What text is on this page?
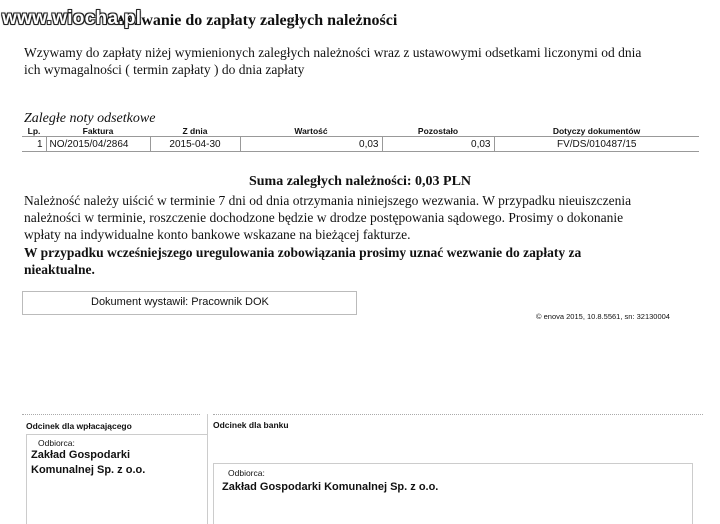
Wezwanie do zapłaty zaległych należności
www.wiocha.pl
Wzywamy do zapłaty niżej wymienionych zaległych należności wraz z ustawowymi odsetkami liczonymi od dnia
ich wymagalności ( termin zapłaty ) do dnia zapłaty
Zaległe noty odsetkowe
Lp.	Faktura	Z dnia	Wartość	Pozostało	Dotyczy dokumentów
1	NO/2015/04/2864	2015-04-30	0,03	0,03	FV/DS/010487/15
Suma zaległych należności: 0,03 PLN
Należność należy uiścić w terminie 7 dni od dnia otrzymania niniejszego wezwania. W przypadku nieuiszczenia
należności w terminie, roszczenie dochodzone będzie w drodze postępowania sądowego. Prosimy o dokonanie
wpłaty na indywidualne konto bankowe wskazane na bieżącej fakturze.
W przypadku wcześniejszego uregulowania zobowiązania prosimy uznać wezwanie do zapłaty za
nieaktualne.
Dokument wystawił: Pracownik DOK
© enova 2015, 10.8.5561, sn: 32130004
Odcinek dla wpłacającego	Odcinek dla banku
Odbiorca:
Zakład Gospodarki
Komunalnej Sp. z o.o.	Odbiorca:
Zakład Gospodarki Komunalnej Sp. z o.o.
